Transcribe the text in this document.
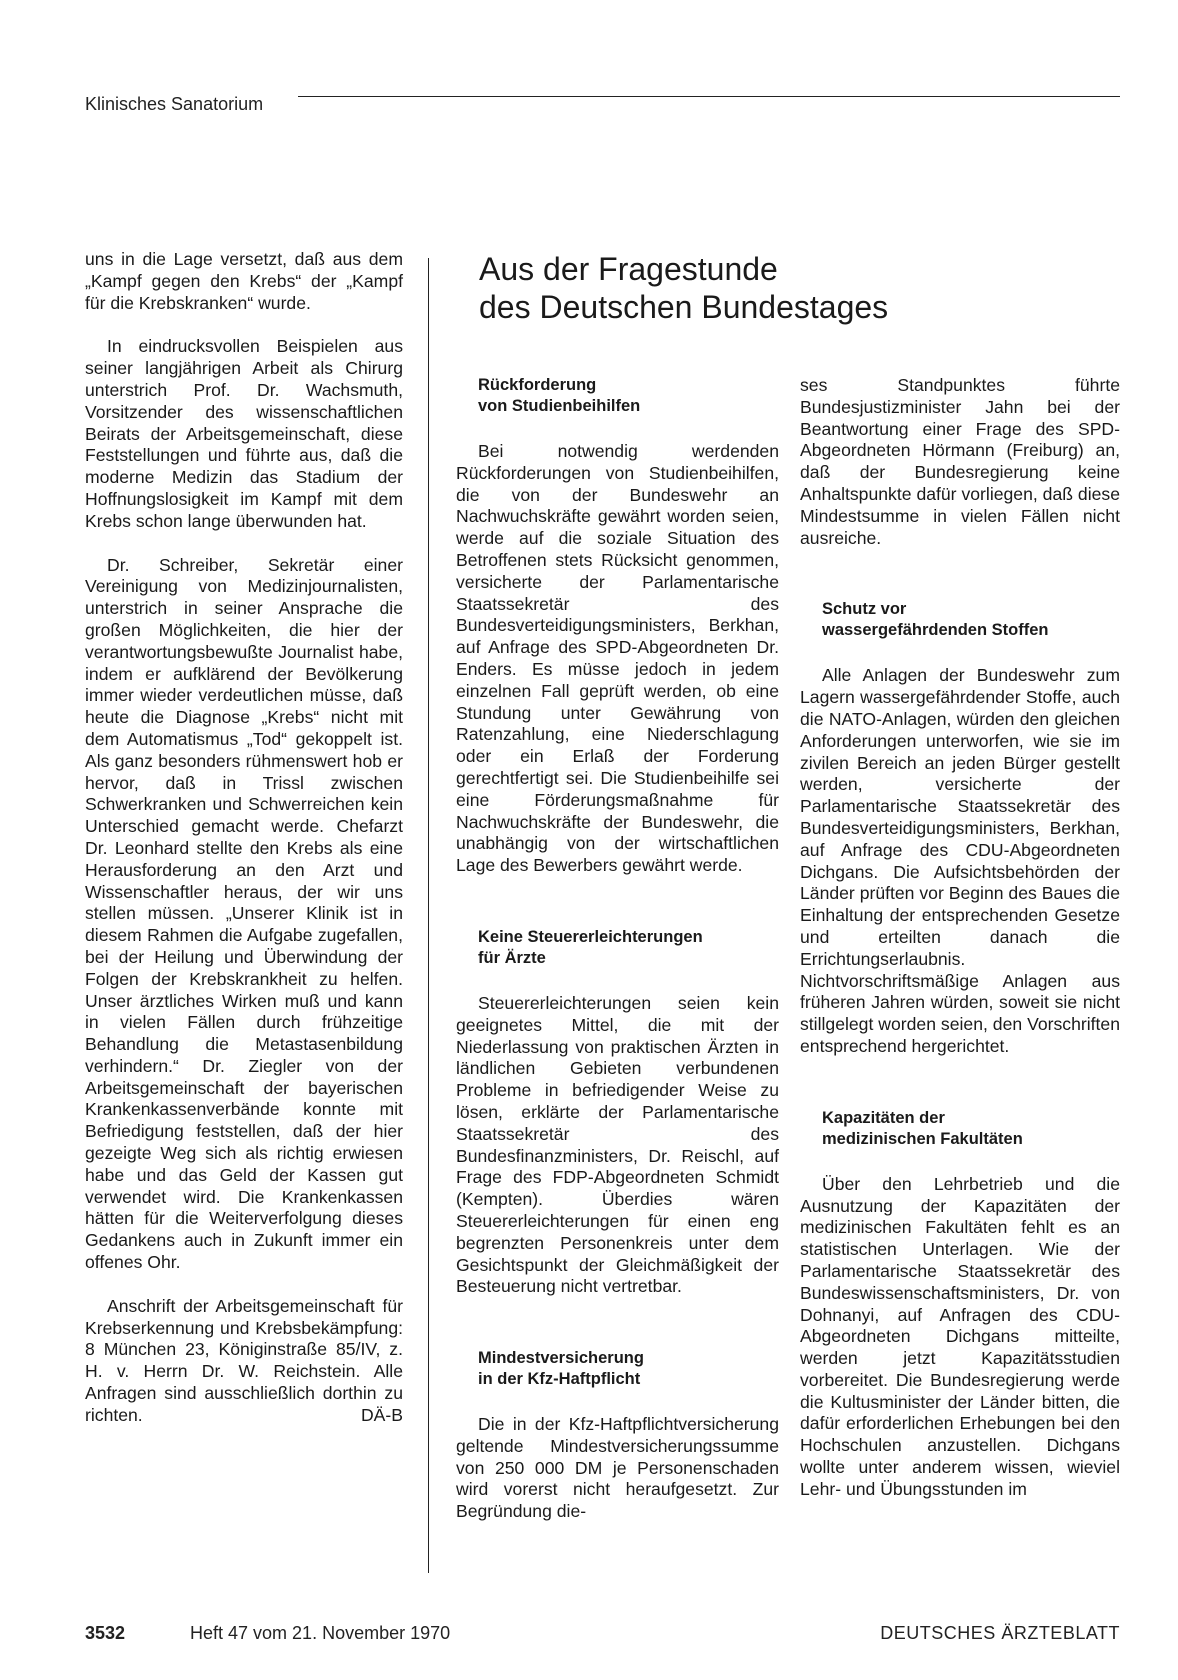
Klinisches Sanatorium

uns in die Lage versetzt, daß aus dem „Kampf gegen den Krebs“ der „Kampf für die Krebskranken“ wurde.

In eindrucksvollen Beispielen aus seiner langjährigen Arbeit als Chirurg unterstrich Prof. Dr. Wachsmuth, Vorsitzender des wissenschaftlichen Beirats der Arbeitsgemeinschaft, diese Feststellungen und führte aus, daß die moderne Medizin das Stadium der Hoffnungslosigkeit im Kampf mit dem Krebs schon lange überwunden hat.

Dr. Schreiber, Sekretär einer Vereinigung von Medizinjournalisten, unterstrich in seiner Ansprache die großen Möglichkeiten, die hier der verantwortungsbewußte Journalist habe, indem er aufklärend der Bevölkerung immer wieder verdeutlichen müsse, daß heute die Diagnose „Krebs“ nicht mit dem Automatismus „Tod“ gekoppelt ist. Als ganz besonders rühmenswert hob er hervor, daß in Trissl zwischen Schwerkranken und Schwerreichen kein Unterschied gemacht werde. Chefarzt Dr. Leonhard stellte den Krebs als eine Herausforderung an den Arzt und Wissenschaftler heraus, der wir uns stellen müssen. „Unserer Klinik ist in diesem Rahmen die Aufgabe zugefallen, bei der Heilung und Überwindung der Folgen der Krebskrankheit zu helfen. Unser ärztliches Wirken muß und kann in vielen Fällen durch frühzeitige Behandlung die Metastasenbildung verhindern.“ Dr. Ziegler von der Arbeitsgemeinschaft der bayerischen Krankenkassenverbände konnte mit Befriedigung feststellen, daß der hier gezeigte Weg sich als richtig erwiesen habe und das Geld der Kassen gut verwendet wird. Die Krankenkassen hätten für die Weiterverfolgung dieses Gedankens auch in Zukunft immer ein offenes Ohr.

Anschrift der Arbeitsgemeinschaft für Krebserkennung und Krebsbekämpfung: 8 München 23, Königinstraße 85/IV, z. H. v. Herrn Dr. W. Reichstein. Alle Anfragen sind ausschließlich dorthin zu richten.	DÄ-B

Aus der Fragestunde
des Deutschen Bundestages
Rückforderung
von Studienbeihilfen

Bei notwendig werdenden Rückforderungen von Studienbeihilfen, die von der Bundeswehr an Nachwuchskräfte gewährt worden seien, werde auf die soziale Situation des Betroffenen stets Rücksicht genommen, versicherte der Parlamentarische Staatssekretär des Bundesverteidigungsministers, Berkhan, auf Anfrage des SPD-Abgeordneten Dr. Enders. Es müsse jedoch in jedem einzelnen Fall geprüft werden, ob eine Stundung unter Gewährung von Ratenzahlung, eine Niederschlagung oder ein Erlaß der Forderung gerechtfertigt sei. Die Studienbeihilfe sei eine Förderungsmaßnahme für Nachwuchskräfte der Bundeswehr, die unabhängig von der wirtschaftlichen Lage des Bewerbers gewährt werde.

Keine Steuererleichterungen
für Ärzte

Steuererleichterungen seien kein geeignetes Mittel, die mit der Niederlassung von praktischen Ärzten in ländlichen Gebieten verbundenen Probleme in befriedigender Weise zu lösen, erklärte der Parlamentarische Staatssekretär des Bundesfinanzministers, Dr. Reischl, auf Frage des FDP-Abgeordneten Schmidt (Kempten). Überdies wären Steuererleichterungen für einen eng begrenzten Personenkreis unter dem Gesichtspunkt der Gleichmäßigkeit der Besteuerung nicht vertretbar.

Mindestversicherung
in der Kfz-Haftpflicht

Die in der Kfz-Haftpflichtversicherung geltende Mindestversicherungssumme von 250 000 DM je Personenschaden wird vorerst nicht heraufgesetzt. Zur Begründung die-

ses Standpunktes führte Bundesjustizminister Jahn bei der Beantwortung einer Frage des SPD-Abgeordneten Hörmann (Freiburg) an, daß der Bundesregierung keine Anhaltspunkte dafür vorliegen, daß diese Mindestsumme in vielen Fällen nicht ausreiche.

Schutz vor
wassergefährdenden Stoffen

Alle Anlagen der Bundeswehr zum Lagern wassergefährdender Stoffe, auch die NATO-Anlagen, würden den gleichen Anforderungen unterworfen, wie sie im zivilen Bereich an jeden Bürger gestellt werden, versicherte der Parlamentarische Staatssekretär des Bundesverteidigungsministers, Berkhan, auf Anfrage des CDU-Abgeordneten Dichgans. Die Aufsichtsbehörden der Länder prüften vor Beginn des Baues die Einhaltung der entsprechenden Gesetze und erteilten danach die Errichtungserlaubnis. Nichtvorschriftsmäßige Anlagen aus früheren Jahren würden, soweit sie nicht stillgelegt worden seien, den Vorschriften entsprechend hergerichtet.

Kapazitäten der
medizinischen Fakultäten

Über den Lehrbetrieb und die Ausnutzung der Kapazitäten der medizinischen Fakultäten fehlt es an statistischen Unterlagen. Wie der Parlamentarische Staatssekretär des Bundeswissenschaftsministers, Dr. von Dohnanyi, auf Anfragen des CDU-Abgeordneten Dichgans mitteilte, werden jetzt Kapazitätsstudien vorbereitet. Die Bundesregierung werde die Kultusminister der Länder bitten, die dafür erforderlichen Erhebungen bei den Hochschulen anzustellen. Dichgans wollte unter anderem wissen, wieviel Lehr- und Übungsstunden im

3532	Heft 47 vom 21. November 1970	DEUTSCHES ÄRZTEBLATT
